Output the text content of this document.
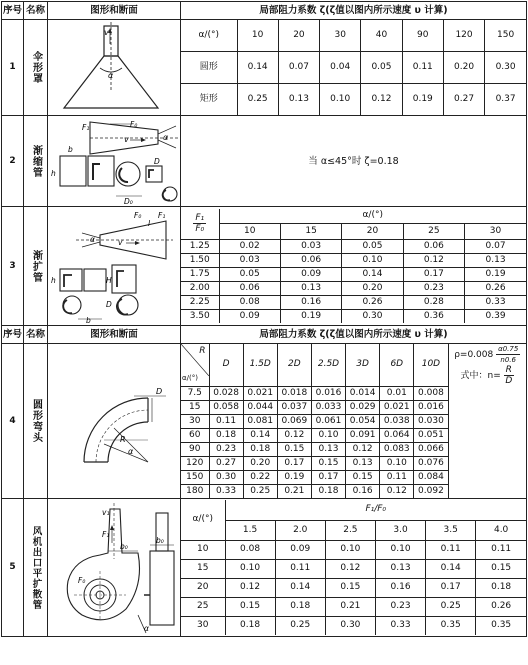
序号	名称	图形和断面	局部阻力系数 ζ(ζ值以图内所示速度 υ 计算)
1	伞形罩

v
α

α/(°)	10	20	30	40	90	120	150
圆形	0.14	0.07	0.04	0.05	0.11	0.20	0.30
矩形	0.25	0.13	0.10	0.12	0.19	0.27	0.37

2	渐缩管

F₁	F₀
v	α
b
h
D
D₀
	当 α≤45°时 ζ=0.18
3	渐扩管

α	v
F₀ F₁
l
h	H
D
b

$\frac{\text{F₁}}{\text{F₀}}$	α/(°)
10	15	20	25	30
1.25	0.02	0.03	0.05	0.06	0.07
1.50	0.03	0.06	0.10	0.12	0.13
1.75	0.05	0.09	0.14	0.17	0.19
2.00	0.06	0.13	0.20	0.23	0.26
2.25	0.08	0.16	0.26	0.28	0.33
3.50	0.09	0.19	0.30	0.36	0.39

序号	名称	图形和断面	局部阻力系数 ζ(ζ值以图内所示速度 υ 计算)
4	圆形弯头	R
α
D

R
α/(°)
	D	1.5D	2D	2.5D	3D	6D	10D	
$\rho=0.008 \frac{\alpha 0.75}{n0.6}$
式中：$n= \frac{R}{D}$

7.5	0.028	0.021	0.018	0.016	0.014	0.01	0.008
15	0.058	0.044	0.037	0.033	0.029	0.021	0.016
30	0.11	0.081	0.069	0.061	0.054	0.038	0.030
60	0.18	0.14	0.12	0.10	0.091	0.064	0.051
90	0.23	0.18	0.15	0.13	0.12	0.083	0.066
120	0.27	0.20	0.17	0.15	0.13	0.10	0.076
150	0.30	0.22	0.19	0.17	0.15	0.11	0.084
180	0.33	0.25	0.21	0.18	0.16	0.12	0.092

5	风机出口平扩散管

v₁
F₁
b₀
F₀
α
b₀

α/(°)	F₁/F₀
1.5	2.0	2.5	3.0	3.5	4.0
10	0.08	0.09	0.10	0.10	0.11	0.11
15	0.10	0.11	0.12	0.13	0.14	0.15
20	0.12	0.14	0.15	0.16	0.17	0.18
25	0.15	0.18	0.21	0.23	0.25	0.26
30	0.18	0.25	0.30	0.33	0.35	0.35
